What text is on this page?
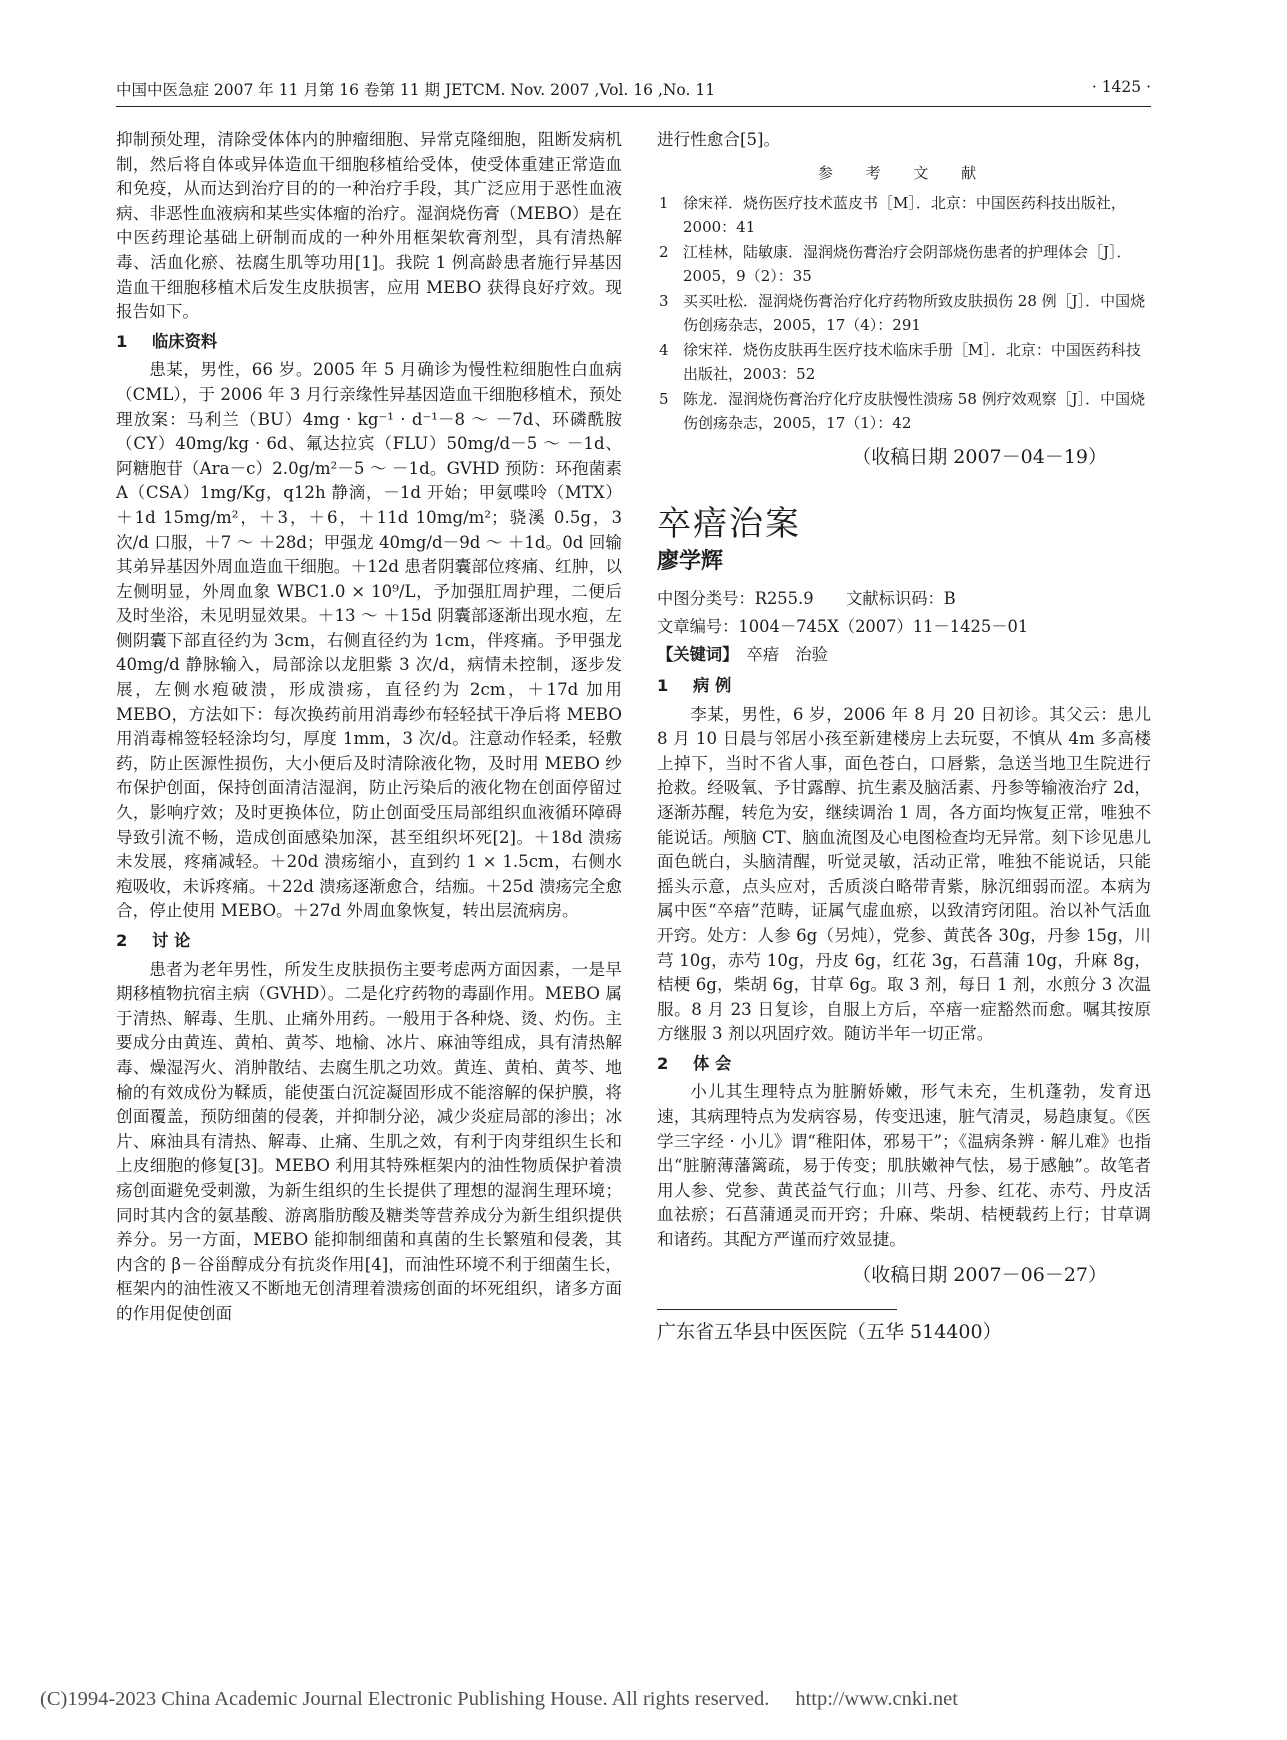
中国中医急症 2007 年 11 月第 16 卷第 11 期 JETCM. Nov. 2007 ,Vol. 16 ,No. 11	· 1425 ·

抑制预处理，清除受体体内的肿瘤细胞、异常克隆细胞，阻断发病机制，然后将自体或异体造血干细胞移植给受体，使受体重建正常造血和免疫，从而达到治疗目的的一种治疗手段，其广泛应用于恶性血液病、非恶性血液病和某些实体瘤的治疗。湿润烧伤膏（MEBO）是在中医药理论基础上研制而成的一种外用框架软膏剂型，具有清热解毒、活血化瘀、祛腐生肌等功用[1]。我院 1 例高龄患者施行异基因造血干细胞移植术后发生皮肤损害，应用 MEBO 获得良好疗效。现报告如下。

1 临床资料

患某，男性，66 岁。2005 年 5 月确诊为慢性粒细胞性白血病（CML），于 2006 年 3 月行亲缘性异基因造血干细胞移植术，预处理放案：马利兰（BU）4mg · kg⁻¹ · d⁻¹－8 ～ －7d、环磷酰胺（CY）40mg/kg · 6d、氟达拉宾（FLU）50mg/d－5 ～ －1d、阿糖胞苷（Ara－c）2.0g/m²－5 ～ －1d。GVHD 预防：环孢菌素 A（CSA）1mg/Kg，q12h 静滴，－1d 开始；甲氨喋呤（MTX）＋1d 15mg/m²，＋3，＋6，＋11d 10mg/m²；骁溪 0.5g，3 次/d 口服，＋7 ～ ＋28d；甲强龙 40mg/d－9d ～ ＋1d。0d 回输其弟异基因外周血造血干细胞。＋12d 患者阴囊部位疼痛、红肿，以左侧明显，外周血象 WBC1.0 × 10⁹/L，予加强肛周护理，二便后及时坐浴，未见明显效果。＋13 ～ ＋15d 阴囊部逐渐出现水疱，左侧阴囊下部直径约为 3cm，右侧直径约为 1cm，伴疼痛。予甲强龙 40mg/d 静脉输入，局部涂以龙胆紫 3 次/d，病情未控制，逐步发展，左侧水疱破溃，形成溃疡，直径约为 2cm，＋17d 加用 MEBO，方法如下：每次换药前用消毒纱布轻轻拭干净后将 MEBO 用消毒棉签轻轻涂均匀，厚度 1mm，3 次/d。注意动作轻柔，轻敷药，防止医源性损伤，大小便后及时清除液化物，及时用 MEBO 纱布保护创面，保持创面清洁湿润，防止污染后的液化物在创面停留过久，影响疗效；及时更换体位，防止创面受压局部组织血液循环障碍导致引流不畅，造成创面感染加深，甚至组织坏死[2]。＋18d 溃疡未发展，疼痛减轻。＋20d 溃疡缩小，直到约 1 × 1.5cm，右侧水疱吸收，未诉疼痛。＋22d 溃疡逐渐愈合，结痂。＋25d 溃疡完全愈合，停止使用 MEBO。＋27d 外周血象恢复，转出层流病房。

2 讨 论

患者为老年男性，所发生皮肤损伤主要考虑两方面因素，一是早期移植物抗宿主病（GVHD）。二是化疗药物的毒副作用。MEBO 属于清热、解毒、生肌、止痛外用药。一般用于各种烧、烫、灼伤。主要成分由黄连、黄柏、黄芩、地榆、冰片、麻油等组成，具有清热解毒、燥湿泻火、消肿散结、去腐生肌之功效。黄连、黄柏、黄芩、地榆的有效成份为鞣质，能使蛋白沉淀凝固形成不能溶解的保护膜，将创面覆盖，预防细菌的侵袭，并抑制分泌，减少炎症局部的渗出；冰片、麻油具有清热、解毒、止痛、生肌之效，有利于肉芽组织生长和上皮细胞的修复[3]。MEBO 利用其特殊框架内的油性物质保护着溃疡创面避免受刺激，为新生组织的生长提供了理想的湿润生理环境；同时其内含的氨基酸、游离脂肪酸及糖类等营养成分为新生组织提供养分。另一方面，MEBO 能抑制细菌和真菌的生长繁殖和侵袭，其内含的 β－谷甾醇成分有抗炎作用[4]，而油性环境不利于细菌生长，框架内的油性液又不断地无创清理着溃疡创面的坏死组织，诸多方面的作用促使创面

进行性愈合[5]。

参 考 文 献
1 徐宋祥．烧伤医疗技术蓝皮书［M］．北京：中国医药科技出版社，2000：41
2 江桂林，陆敏康．湿润烧伤膏治疗会阴部烧伤患者的护理体会［J］．2005，9（2）：35
3 买买吐松．湿润烧伤膏治疗化疗药物所致皮肤损伤 28 例［J］．中国烧伤创疡杂志，2005，17（4）：291
4 徐宋祥．烧伤皮肤再生医疗技术临床手册［M］．北京：中国医药科技出版社，2003：52
5 陈龙．湿润烧伤膏治疗化疗皮肤慢性溃疡 58 例疗效观察［J］．中国烧伤创疡杂志，2005，17（1）：42
（收稿日期 2007－04－19）
卒瘖治案
廖学辉

中图分类号：R255.9　　文献标识码：B

文章编号：1004－745X（2007）11－1425－01

【关键词】　卒瘖　治验

1 病 例

李某，男性，6 岁，2006 年 8 月 20 日初诊。其父云：患儿 8 月 10 日晨与邻居小孩至新建楼房上去玩耍，不慎从 4m 多高楼上掉下，当时不省人事，面色苍白，口唇紫，急送当地卫生院进行抢救。经吸氧、予甘露醇、抗生素及脑活素、丹参等输液治疗 2d，逐渐苏醒，转危为安，继续调治 1 周，各方面均恢复正常，唯独不能说话。颅脑 CT、脑血流图及心电图检查均无异常。刻下诊见患儿面色㿠白，头脑清醒，听觉灵敏，活动正常，唯独不能说话，只能摇头示意，点头应对，舌质淡白略带青紫，脉沉细弱而涩。本病为属中医“卒瘖”范畴，证属气虚血瘀，以致清窍闭阻。治以补气活血开窍。处方：人参 6g（另炖），党参、黄芪各 30g，丹参 15g，川芎 10g，赤芍 10g，丹皮 6g，红花 3g，石菖蒲 10g，升麻 8g，桔梗 6g，柴胡 6g，甘草 6g。取 3 剂，每日 1 剂，水煎分 3 次温服。8 月 23 日复诊，自服上方后，卒瘖一症豁然而愈。嘱其按原方继服 3 剂以巩固疗效。随访半年一切正常。

2 体 会

小儿其生理特点为脏腑娇嫩，形气未充，生机蓬勃，发育迅速，其病理特点为发病容易，传变迅速，脏气清灵，易趋康复。《医学三字经 · 小儿》谓“稚阳体，邪易干”；《温病条辨 · 解儿难》也指出“脏腑薄藩篱疏，易于传变；肌肤嫩神气怯，易于感触”。故笔者用人参、党参、黄芪益气行血；川芎、丹参、红花、赤芍、丹皮活血祛瘀；石菖蒲通灵而开窍；升麻、柴胡、桔梗载药上行；甘草调和诸药。其配方严谨而疗效显捷。

（收稿日期 2007－06－27）
广东省五华县中医医院（五华 514400）
(C)1994-2023 China Academic Journal Electronic Publishing House. All rights reserved. http://www.cnki.net
